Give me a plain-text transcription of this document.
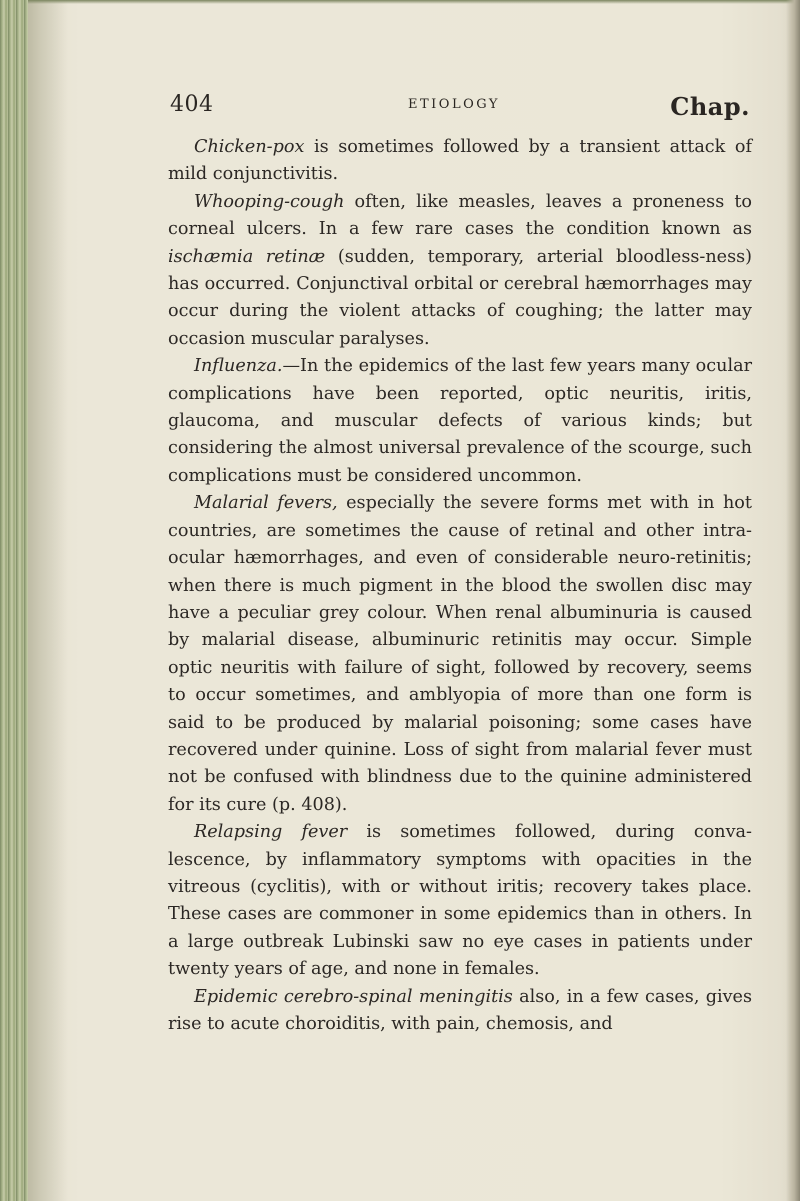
404	ETIOLOGY	Chap.

Chicken-pox is sometimes followed by a transient attack of mild conjunctivitis.

Whooping-cough often, like measles, leaves a proneness to corneal ulcers. In a few rare cases the condition known as ischæmia retinæ (sudden, temporary, arterial bloodless-ness) has occurred. Conjunctival orbital or cerebral hæmorrhages may occur during the violent attacks of coughing; the latter may occasion muscular paralyses.

Influenza.—In the epidemics of the last few years many ocular complications have been reported, optic neuritis, iritis, glaucoma, and muscular defects of various kinds; but considering the almost universal prevalence of the scourge, such complications must be considered uncommon.

Malarial fevers, especially the severe forms met with in hot countries, are sometimes the cause of retinal and other intra-ocular hæmorrhages, and even of considerable neuro-retinitis; when there is much pigment in the blood the swollen disc may have a peculiar grey colour. When renal albuminuria is caused by malarial disease, albuminuric retinitis may occur. Simple optic neuritis with failure of sight, followed by recovery, seems to occur sometimes, and amblyopia of more than one form is said to be produced by malarial poisoning; some cases have recovered under quinine. Loss of sight from malarial fever must not be confused with blindness due to the quinine administered for its cure (p. 408).

Relapsing fever is sometimes followed, during conva-lescence, by inflammatory symptoms with opacities in the vitreous (cyclitis), with or without iritis; recovery takes place. These cases are commoner in some epidemics than in others. In a large outbreak Lubinski saw no eye cases in patients under twenty years of age, and none in females.

Epidemic cerebro-spinal meningitis also, in a few cases, gives rise to acute choroiditis, with pain, chemosis, and
